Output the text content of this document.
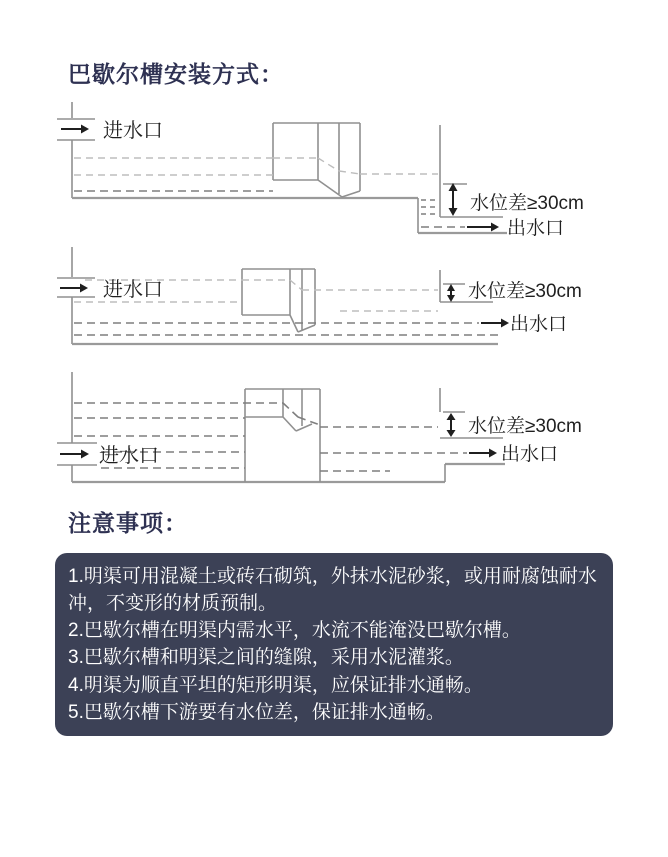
巴歇尔槽安装方式：
进水口
水位差≥30cm
出水口
进水口	水位差≥30cm
出水口
进水口
水位差≥30cm
出水口
注意事项：
1.明渠可用混凝土或砖石砌筑，外抹水泥砂浆，或用耐腐蚀耐水冲，不变形的材质预制。
2.巴歇尔槽在明渠内需水平，水流不能淹没巴歇尔槽。
3.巴歇尔槽和明渠之间的缝隙，采用水泥灌浆。
4.明渠为顺直平坦的矩形明渠，应保证排水通畅。
5.巴歇尔槽下游要有水位差，保证排水通畅。
